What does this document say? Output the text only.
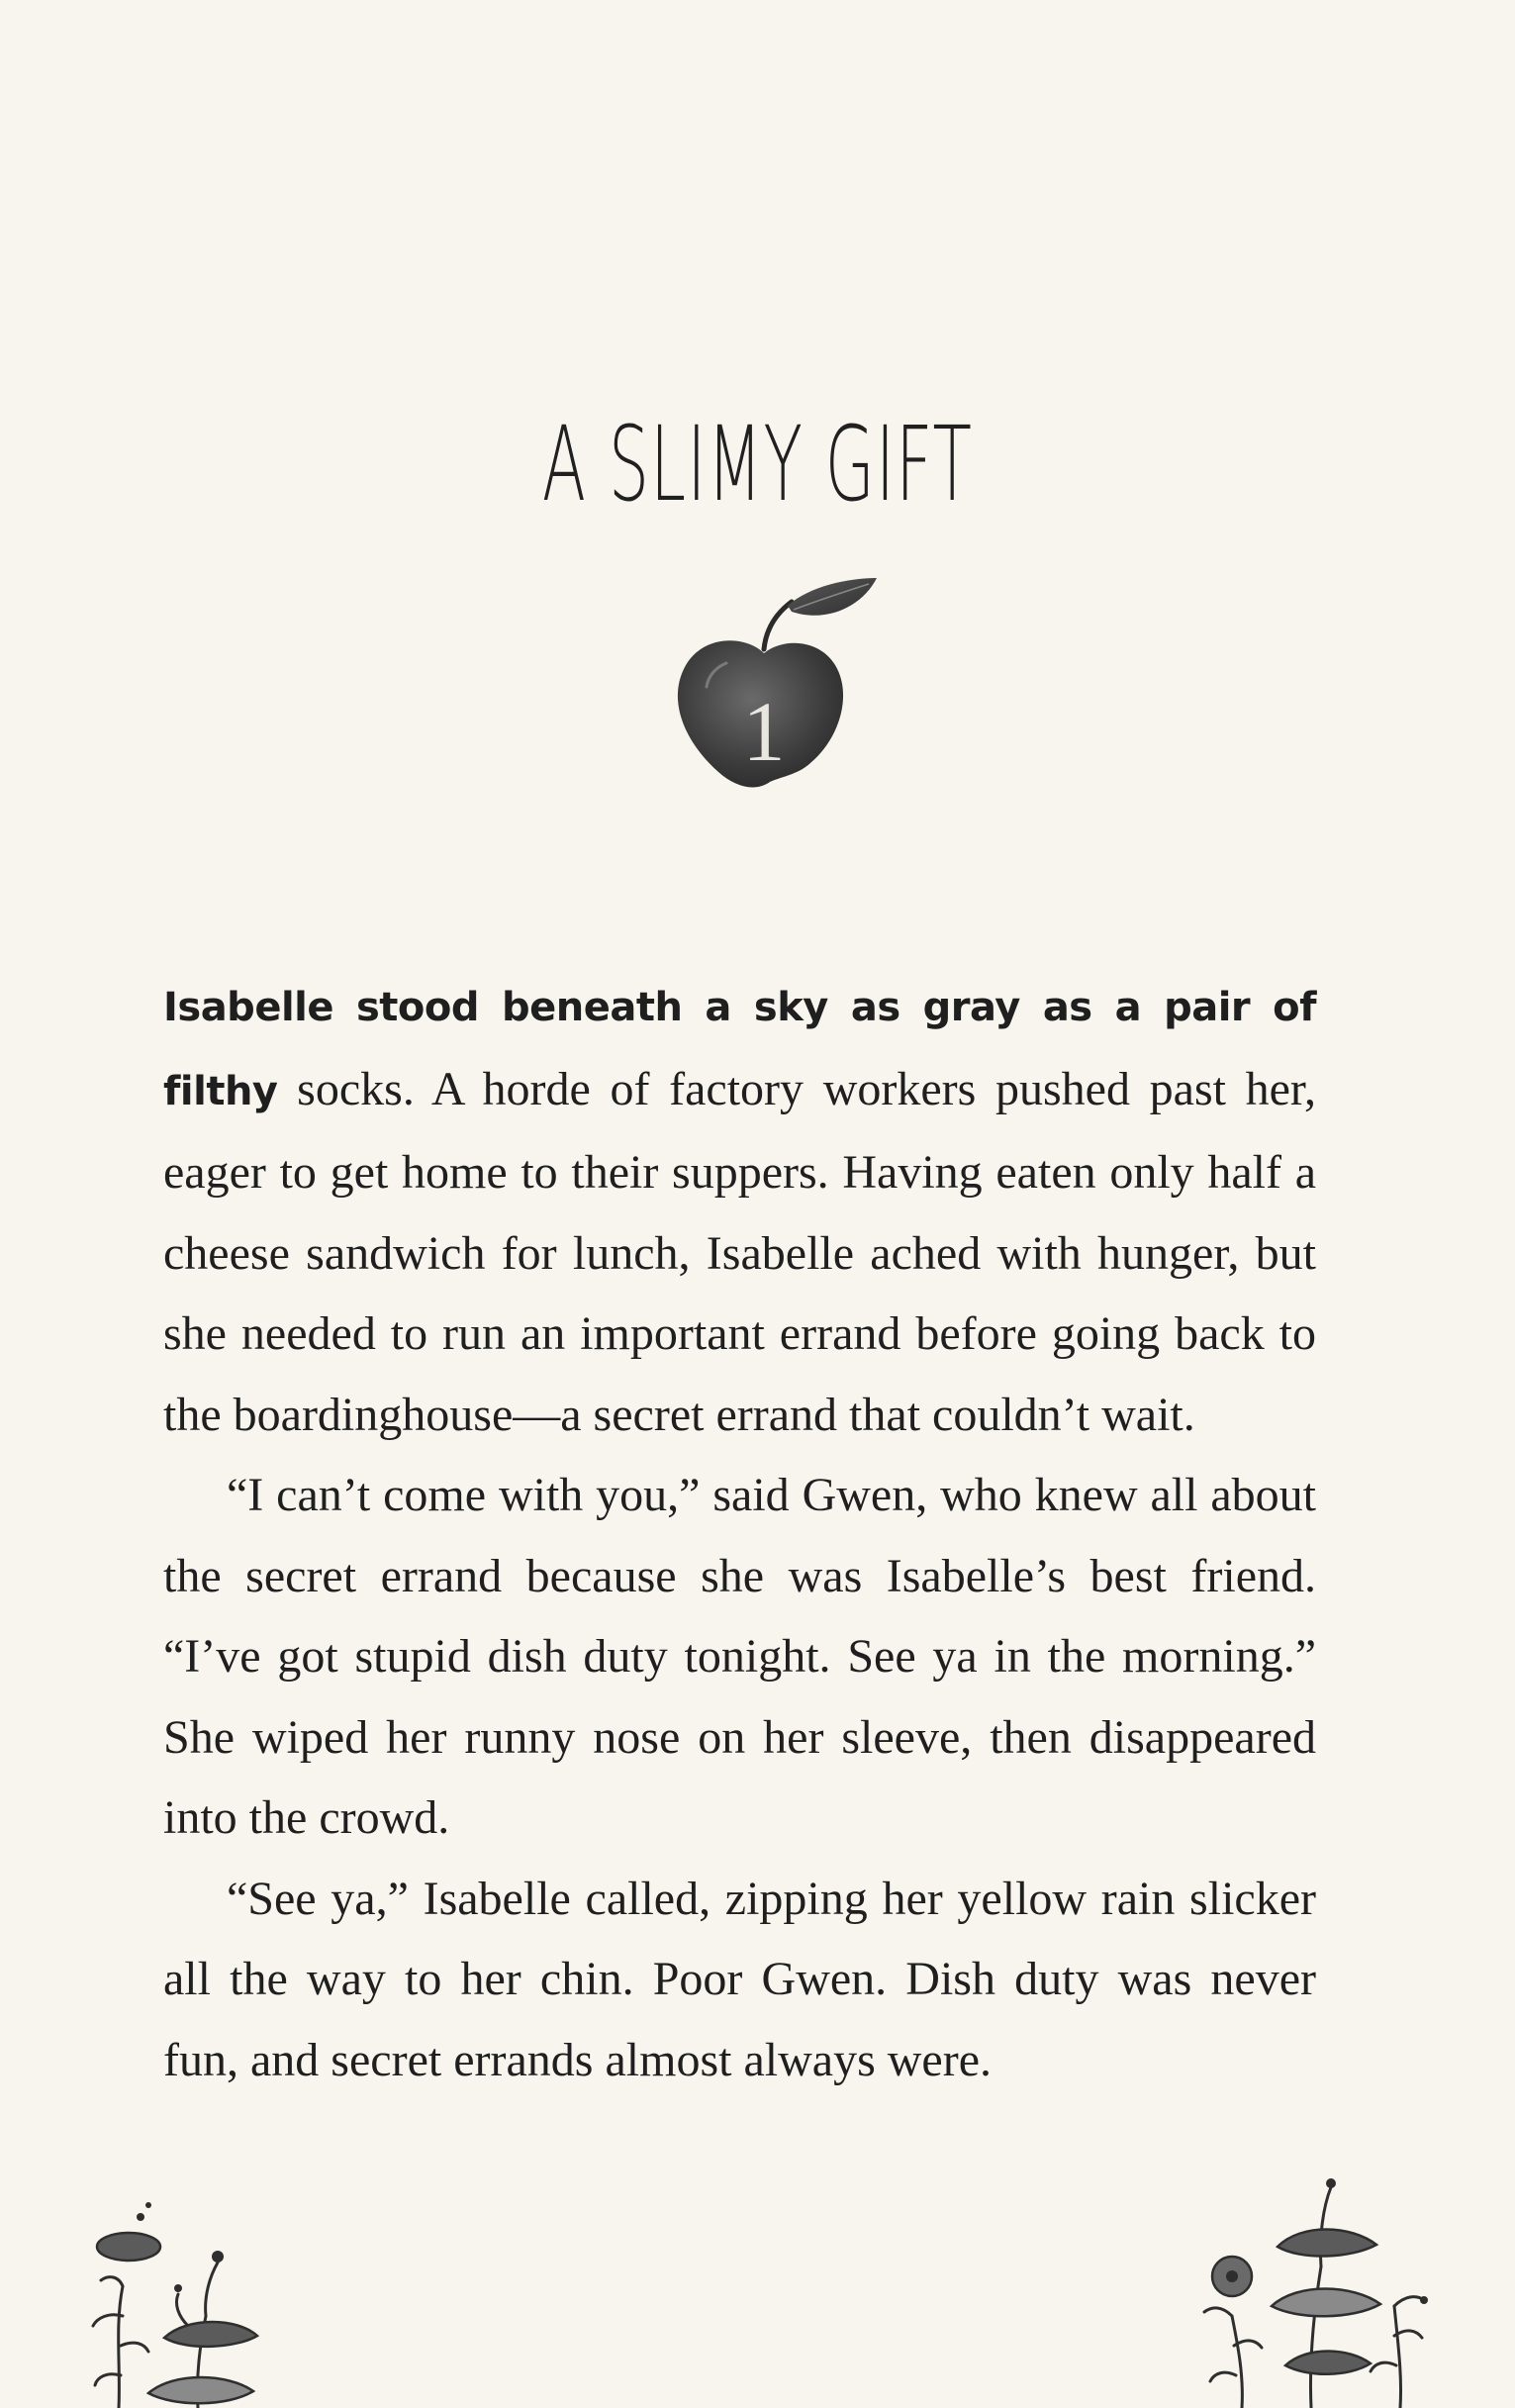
A SLIMY GIFT
1

Isabelle stood beneath a sky as gray as a pair of filthy socks. A horde of factory workers pushed past her, eager to get home to their suppers. Having eaten only half a cheese sandwich for lunch, Isabelle ached with hunger, but she needed to run an important errand before going back to the boardinghouse—a secret errand that couldn’t wait.

“I can’t come with you,” said Gwen, who knew all about the secret errand because she was Isabelle’s best friend. “I’ve got stupid dish duty tonight. See ya in the morning.” She wiped her runny nose on her sleeve, then disappeared into the crowd.

“See ya,” Isabelle called, zipping her yellow rain slicker all the way to her chin. Poor Gwen. Dish duty was never fun, and secret errands almost always were.
